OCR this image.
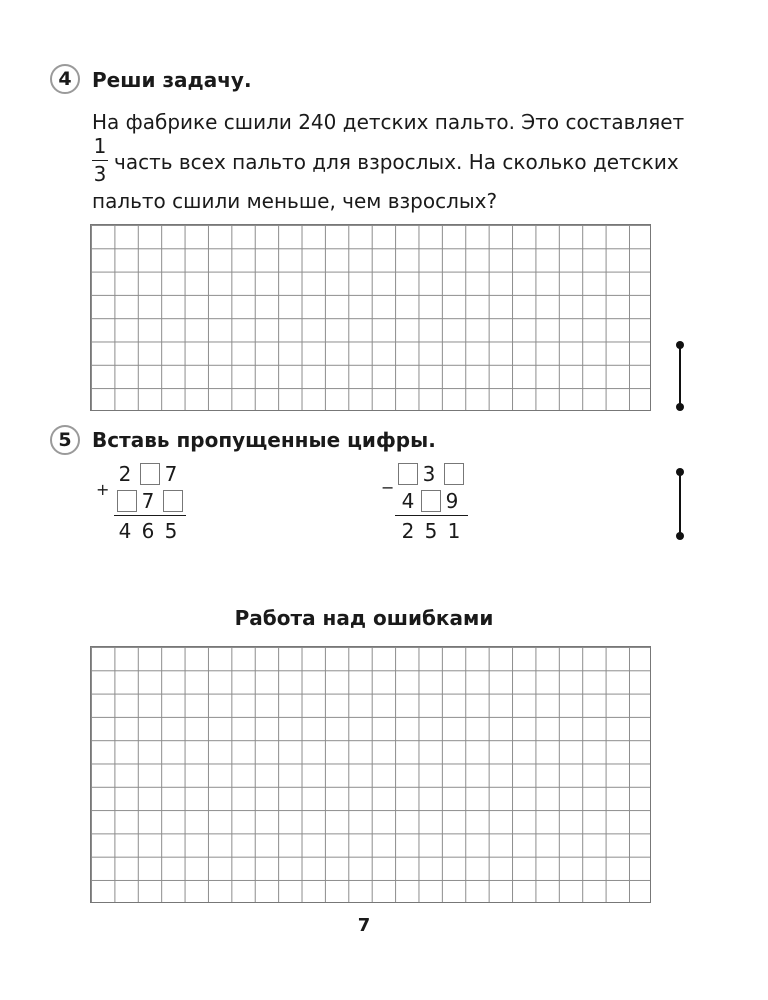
4	Реши задачу.
На фабрике сшили 240 детских пальто. Это составляет
1
3 часть всех пальто для взрослых. На сколько детских
пальто сшили меньше, чем взрослых?
5	Вставь пропущенные цифры.
+
2 7
7
4 6 5
−
3
4 9
2 5 1
Работа над ошибками
7
